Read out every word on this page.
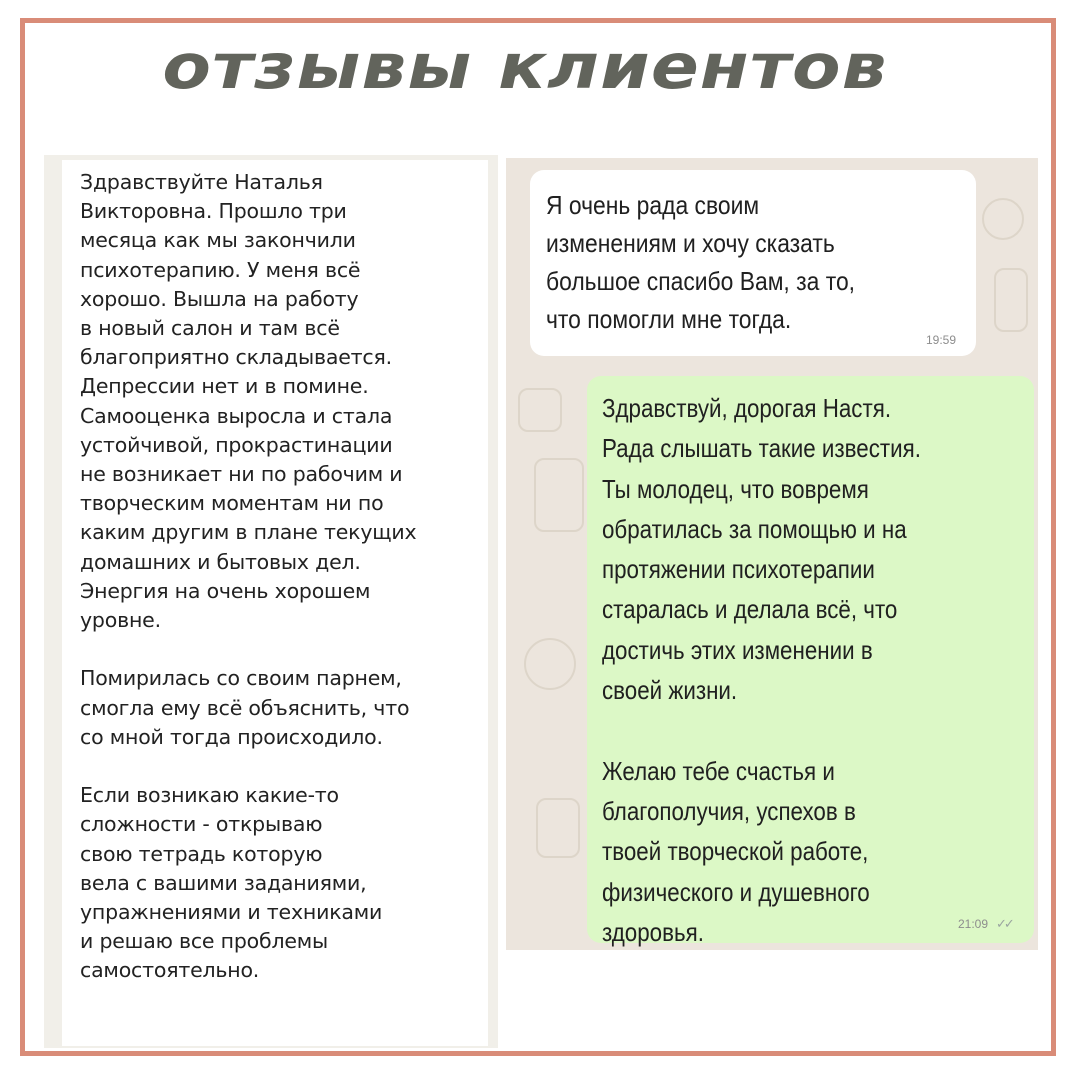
отзывы клиентов

Здравствуйте Наталья
Викторовна. Прошло три
месяца как мы закончили
психотерапию. У меня всё
хорошо. Вышла на работу
в новый салон и там всё
благоприятно складывается.
Депрессии нет и в помине.
Самооценка выросла и стала
устойчивой, прокрастинации
не возникает ни по рабочим и
творческим моментам ни по
каким другим в плане текущих
домашних и бытовых дел.
Энергия на очень хорошем
уровне.

Помирилась со своим парнем,
смогла ему всё объяснить, что
со мной тогда происходило.

Если возникаю какие-то
сложности - открываю
свою тетрадь которую
вела с вашими заданиями,
упражнениями и техниками
и решаю все проблемы
самостоятельно.

Я очень рада своим
изменениям и хочу сказать
большое спасибо Вам, за то,
что помогли мне тогда.
19:59

Здравствуй, дорогая Настя.
Рада слышать такие известия.
Ты молодец, что вовремя
обратилась за помощью и на
протяжении психотерапии
старалась и делала всё, что
достичь этих изменении в
своей жизни.

Желаю тебе счастья и
благополучия, успехов в
твоей творческой работе,
физического и душевного
здоровья.	21:09 ✓✓
